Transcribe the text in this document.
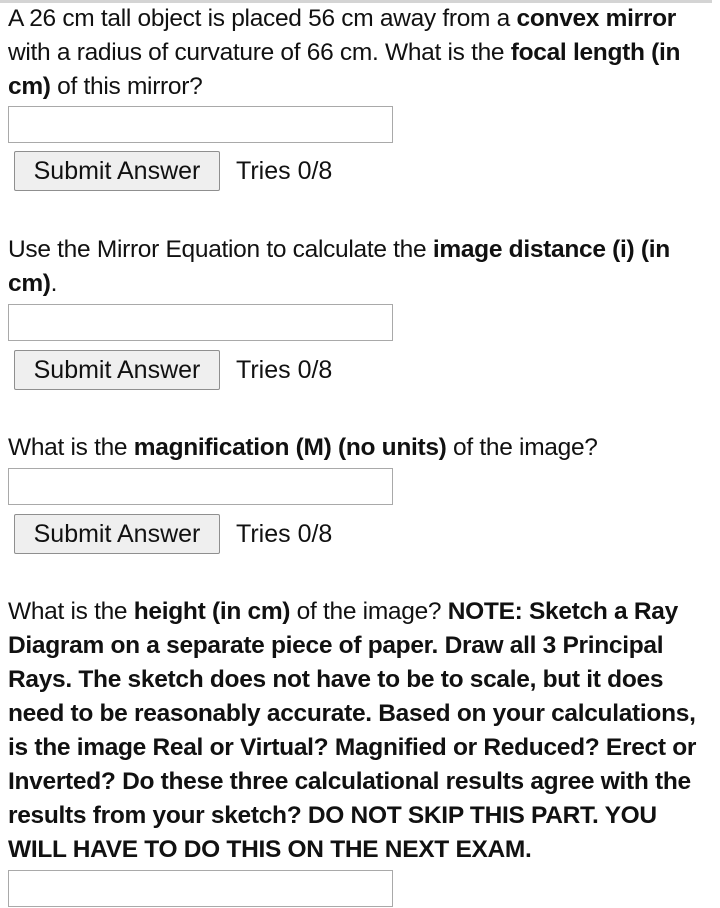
A 26 cm tall object is placed 56 cm away from a convex mirror with a radius of curvature of 66 cm. What is the focal length (in cm) of this mirror?

Submit Answer	Tries 0/8

Use the Mirror Equation to calculate the image distance (i) (in cm).

Submit Answer	Tries 0/8

What is the magnification (M) (no units) of the image?

Submit Answer	Tries 0/8

What is the height (in cm) of the image? NOTE: Sketch a Ray Diagram on a separate piece of paper. Draw all 3 Principal Rays. The sketch does not have to be to scale, but it does need to be reasonably accurate. Based on your calculations, is the image Real or Virtual? Magnified or Reduced? Erect or Inverted? Do these three calculational results agree with the results from your sketch? DO NOT SKIP THIS PART. YOU WILL HAVE TO DO THIS ON THE NEXT EXAM.
